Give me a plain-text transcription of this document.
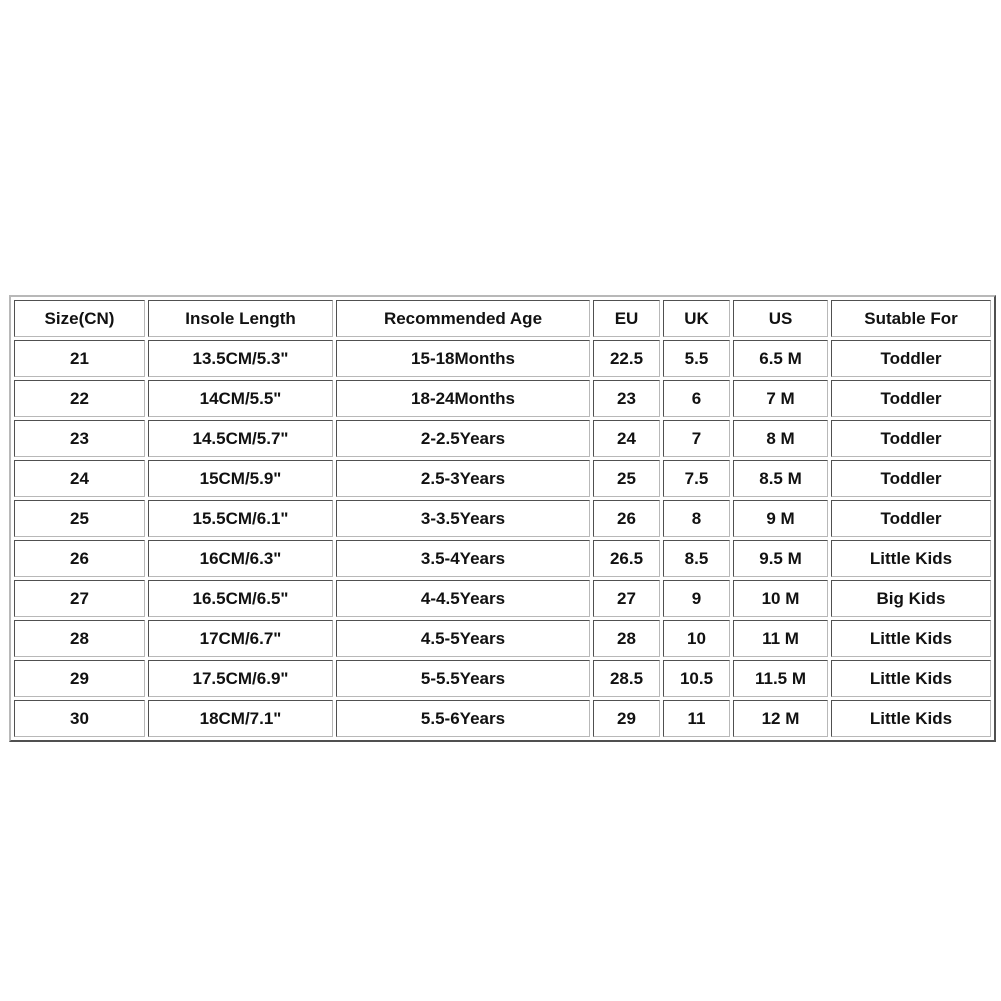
Size(CN)	Insole Length	Recommended Age	EU	UK	US	Sutable For
21	13.5CM/5.3"	15-18Months	22.5	5.5	6.5 M	Toddler
22	14CM/5.5"	18-24Months	23	6	7 M	Toddler
23	14.5CM/5.7"	2-2.5Years	24	7	8 M	Toddler
24	15CM/5.9"	2.5-3Years	25	7.5	8.5 M	Toddler
25	15.5CM/6.1"	3-3.5Years	26	8	9 M	Toddler
26	16CM/6.3"	3.5-4Years	26.5	8.5	9.5 M	Little Kids
27	16.5CM/6.5"	4-4.5Years	27	9	10 M	Big Kids
28	17CM/6.7"	4.5-5Years	28	10	11 M	Little Kids
29	17.5CM/6.9"	5-5.5Years	28.5	10.5	11.5 M	Little Kids
30	18CM/7.1"	5.5-6Years	29	11	12 M	Little Kids
